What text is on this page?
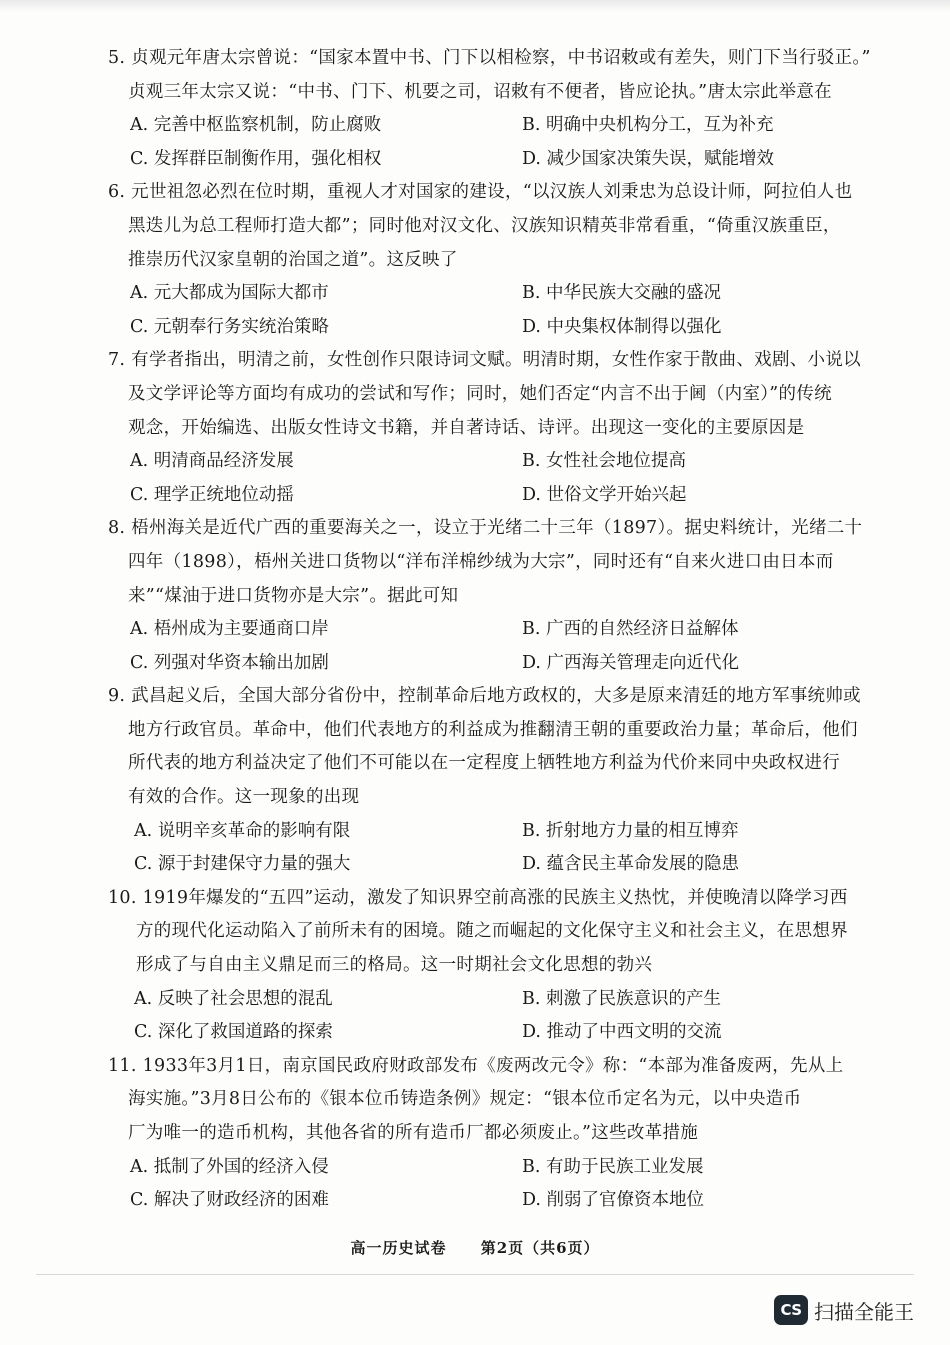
5. 贞观元年唐太宗曾说：“国家本置中书、门下以相检察，中书诏敕或有差失，则门下当行驳正。”
贞观三年太宗又说：“中书、门下、机要之司，诏敕有不便者，皆应论执。”唐太宗此举意在
A. 完善中枢监察机制，防止腐败	B. 明确中央机构分工，互为补充
C. 发挥群臣制衡作用，强化相权	D. 减少国家决策失误，赋能增效
6. 元世祖忽必烈在位时期，重视人才对国家的建设，“以汉族人刘秉忠为总设计师，阿拉伯人也
黑迭儿为总工程师打造大都”；同时他对汉文化、汉族知识精英非常看重，“倚重汉族重臣，
推崇历代汉家皇朝的治国之道”。这反映了
A. 元大都成为国际大都市	B. 中华民族大交融的盛况
C. 元朝奉行务实统治策略	D. 中央集权体制得以强化
7. 有学者指出，明清之前，女性创作只限诗词文赋。明清时期，女性作家于散曲、戏剧、小说以
及文学评论等方面均有成功的尝试和写作；同时，她们否定“内言不出于阃（内室）”的传统
观念，开始编选、出版女性诗文书籍，并自著诗话、诗评。出现这一变化的主要原因是
A. 明清商品经济发展	B. 女性社会地位提高
C. 理学正统地位动摇	D. 世俗文学开始兴起
8. 梧州海关是近代广西的重要海关之一，设立于光绪二十三年（1897）。据史料统计，光绪二十
四年（1898），梧州关进口货物以“洋布洋棉纱绒为大宗”，同时还有“自来火进口由日本而
来”“煤油于进口货物亦是大宗”。据此可知
A. 梧州成为主要通商口岸	B. 广西的自然经济日益解体
C. 列强对华资本输出加剧	D. 广西海关管理走向近代化
9. 武昌起义后，全国大部分省份中，控制革命后地方政权的，大多是原来清廷的地方军事统帅或
地方行政官员。革命中，他们代表地方的利益成为推翻清王朝的重要政治力量；革命后，他们
所代表的地方利益决定了他们不可能以在一定程度上牺牲地方利益为代价来同中央政权进行
有效的合作。这一现象的出现
A. 说明辛亥革命的影响有限	B. 折射地方力量的相互博弈
C. 源于封建保守力量的强大	D. 蕴含民主革命发展的隐患
10. 1919年爆发的“五四”运动，激发了知识界空前高涨的民族主义热忱，并使晚清以降学习西
方的现代化运动陷入了前所未有的困境。随之而崛起的文化保守主义和社会主义，在思想界
形成了与自由主义鼎足而三的格局。这一时期社会文化思想的勃兴
A. 反映了社会思想的混乱	B. 刺激了民族意识的产生
C. 深化了救国道路的探索	D. 推动了中西文明的交流
11. 1933年3月1日，南京国民政府财政部发布《废两改元令》称：“本部为准备废两，先从上
海实施。”3月8日公布的《银本位币铸造条例》规定：“银本位币定名为元，以中央造币
厂为唯一的造币机构，其他各省的所有造币厂都必须废止。”这些改革措施
A. 抵制了外国的经济入侵	B. 有助于民族工业发展
C. 解决了财政经济的困难	D. 削弱了官僚资本地位
高一历史试卷 第2页（共6页）
CS 扫描全能王
